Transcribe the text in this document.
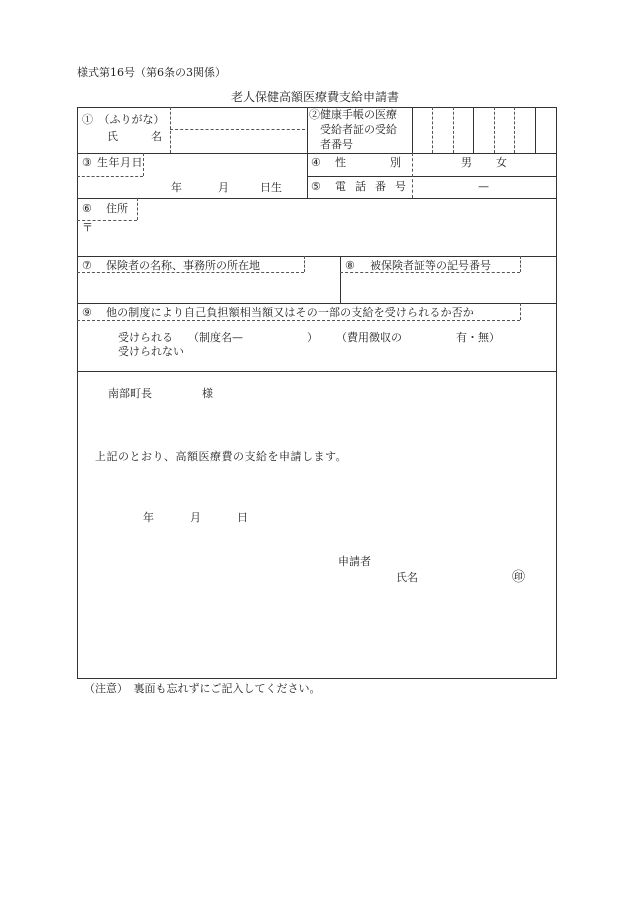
様式第16号（第6条の3関係）
老人保健高額医療費支給申請書
①　（ふりがな）
氏　　　名
②健康手帳の医療
受給者証の受給
者番号
③ 生年月日
年	月	日生
④ 性　　　　別	男 女
⑤ 電話番号	—
⑥ 住所
〒
⑦ 保険者の名称、事務所の所在地	⑧ 被保険者証等の記号番号
⑨ 他の制度により自己負担額相当額又はその一部の支給を受けられるか否か
受けられる （制度名—	） （費用徴収の	有・無）
受けられない
南部町長	様
上記のとおり、高額医療費の支給を申請します。
年	月	日
申請者
氏名	㊞
（注意）　裏面も忘れずにご記入してください。
